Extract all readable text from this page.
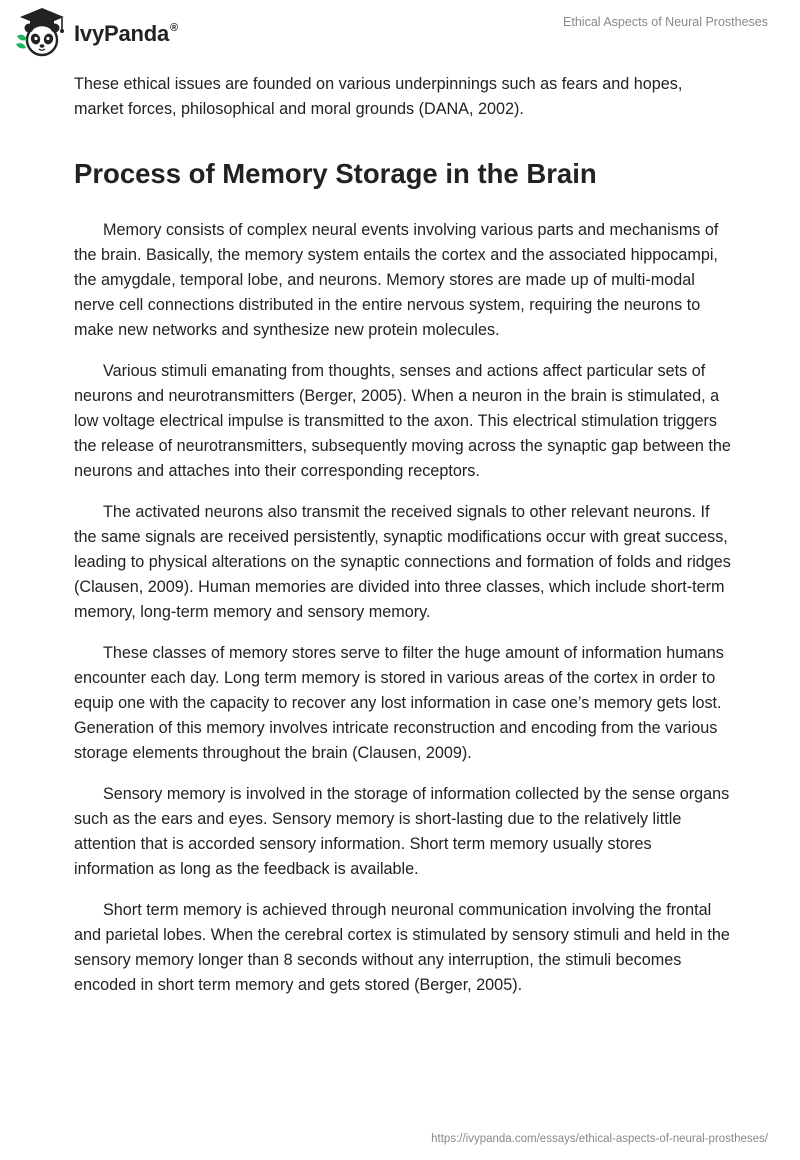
IvyPanda®	Ethical Aspects of Neural Prostheses

These ethical issues are founded on various underpinnings such as fears and hopes, market forces, philosophical and moral grounds (DANA, 2002).

Process of Memory Storage in the Brain

Memory consists of complex neural events involving various parts and mechanisms of the brain. Basically, the memory system entails the cortex and the associated hippocampi, the amygdale, temporal lobe, and neurons. Memory stores are made up of multi-modal nerve cell connections distributed in the entire nervous system, requiring the neurons to make new networks and synthesize new protein molecules.

Various stimuli emanating from thoughts, senses and actions affect particular sets of neurons and neurotransmitters (Berger, 2005). When a neuron in the brain is stimulated, a low voltage electrical impulse is transmitted to the axon. This electrical stimulation triggers the release of neurotransmitters, subsequently moving across the synaptic gap between the neurons and attaches into their corresponding receptors.

The activated neurons also transmit the received signals to other relevant neurons. If the same signals are received persistently, synaptic modifications occur with great success, leading to physical alterations on the synaptic connections and formation of folds and ridges (Clausen, 2009). Human memories are divided into three classes, which include short-term memory, long-term memory and sensory memory.

These classes of memory stores serve to filter the huge amount of information humans encounter each day. Long term memory is stored in various areas of the cortex in order to equip one with the capacity to recover any lost information in case one’s memory gets lost. Generation of this memory involves intricate reconstruction and encoding from the various storage elements throughout the brain (Clausen, 2009).

Sensory memory is involved in the storage of information collected by the sense organs such as the ears and eyes. Sensory memory is short-lasting due to the relatively little attention that is accorded sensory information. Short term memory usually stores information as long as the feedback is available.

Short term memory is achieved through neuronal communication involving the frontal and parietal lobes. When the cerebral cortex is stimulated by sensory stimuli and held in the sensory memory longer than 8 seconds without any interruption, the stimuli becomes encoded in short term memory and gets stored (Berger, 2005).

https://ivypanda.com/essays/ethical-aspects-of-neural-prostheses/
